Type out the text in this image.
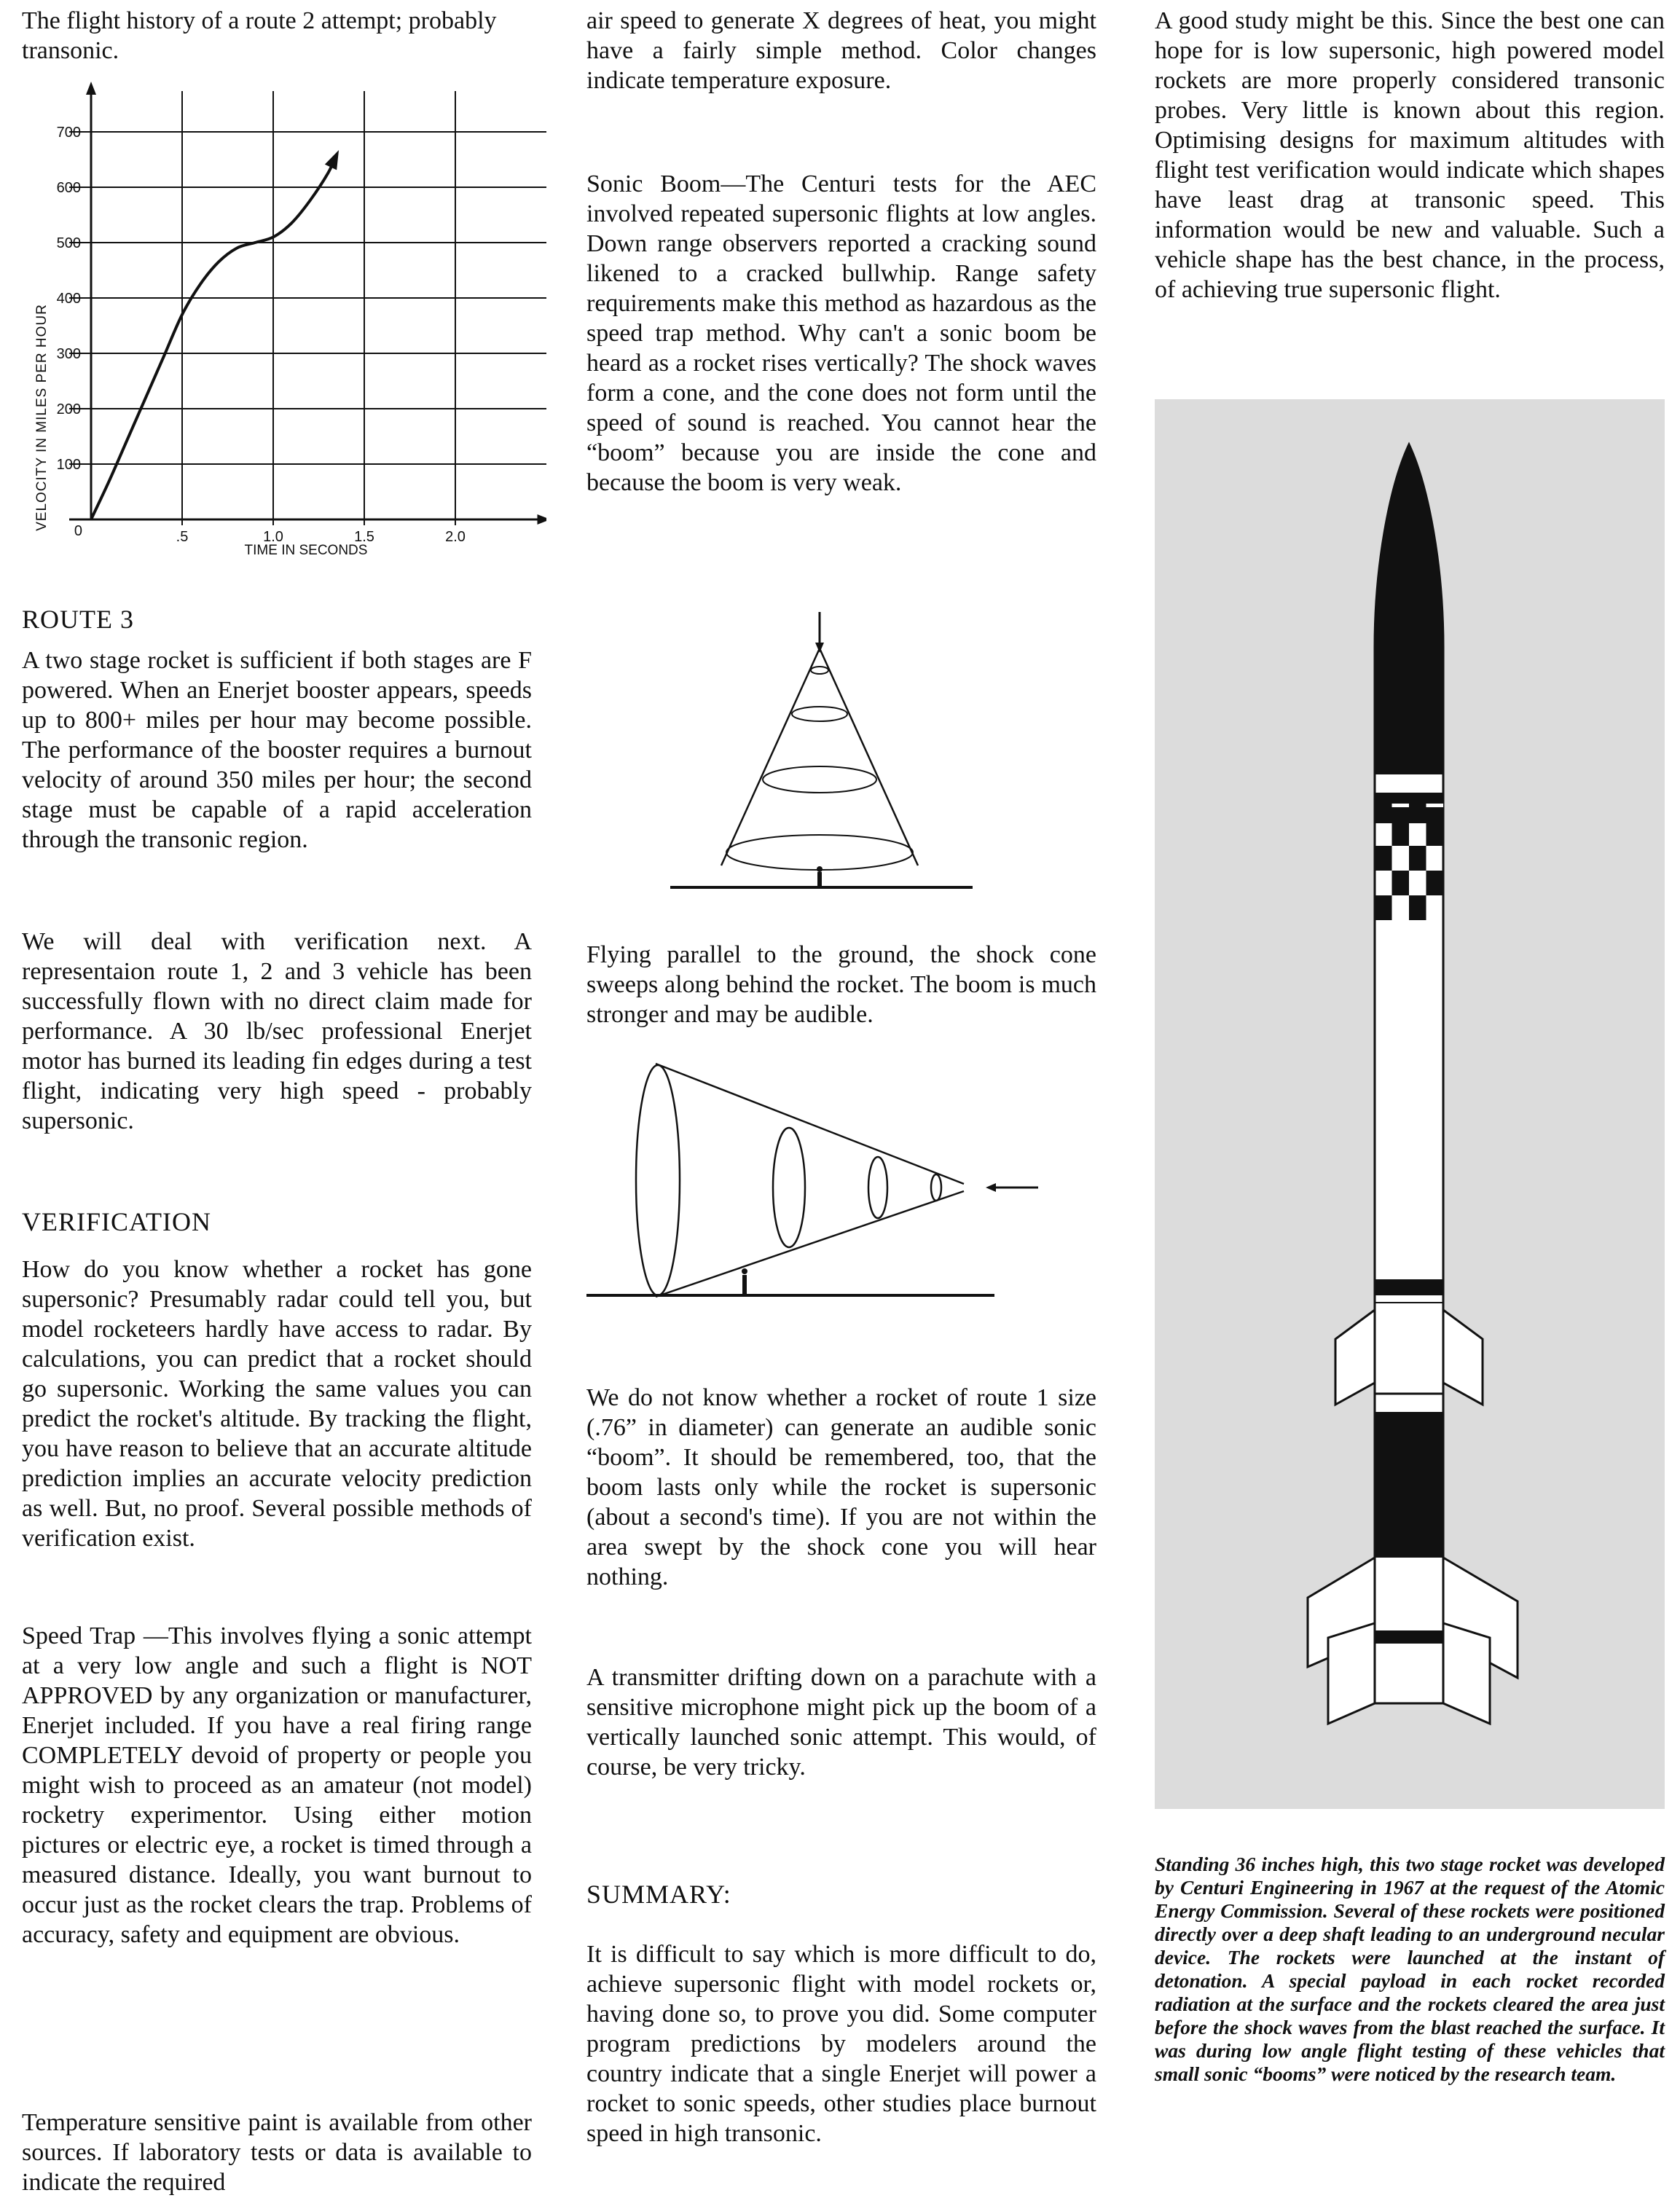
The flight history of a route 2 attempt; probably transonic.

0
100
200
300
400
500
600
700
.5	1.0	1.5	2.0
VELOCITY IN MILES PER HOUR
TIME IN SECONDS

ROUTE 3

A two stage rocket is sufficient if both stages are F powered. When an Enerjet booster appears, speeds up to 800+ miles per hour may become possible. The performance of the booster requires a burnout velocity of around 350 miles per hour; the second stage must be capable of a rapid acceleration through the transonic region.

We will deal with verification next. A representaion route 1, 2 and 3 vehicle has been successfully flown with no direct claim made for performance. A 30 lb/sec professional Enerjet motor has burned its leading fin edges during a test flight, indicating very high speed - probably supersonic.

VERIFICATION

How do you know whether a rocket has gone supersonic? Presumably radar could tell you, but model rocketeers hardly have access to radar. By calculations, you can predict that a rocket should go supersonic. Working the same values you can predict the rocket's altitude. By tracking the flight, you have reason to believe that an accurate altitude prediction implies an accurate velocity prediction as well. But, no proof. Several possible methods of verification exist.

Speed Trap —This involves flying a sonic attempt at a very low angle and such a flight is NOT APPROVED by any organization or manufacturer, Enerjet included. If you have a real firing range COMPLETELY devoid of property or people you might wish to proceed as an amateur (not model) rocketry experimentor. Using either motion pictures or electric eye, a rocket is timed through a measured distance. Ideally, you want burnout to occur just as the rocket clears the trap. Problems of accuracy, safety and equipment are obvious.

Temperature sensitive paint is available from other sources. If laboratory tests or data is available to indicate the required

air speed to generate X degrees of heat, you might have a fairly simple method. Color changes indicate temperature exposure.

Sonic Boom—The Centuri tests for the AEC involved repeated supersonic flights at low angles. Down range observers reported a cracking sound likened to a cracked bullwhip. Range safety requirements make this method as hazardous as the speed trap method. Why can't a sonic boom be heard as a rocket rises vertically? The shock waves form a cone, and the cone does not form until the speed of sound is reached. You cannot hear the “boom” because you are inside the cone and because the boom is very weak.

Flying parallel to the ground, the shock cone sweeps along behind the rocket. The boom is much stronger and may be audible.

We do not know whether a rocket of route 1 size (.76” in diameter) can generate an audible sonic “boom”. It should be remembered, too, that the boom lasts only while the rocket is supersonic (about a second's time). If you are not within the area swept by the shock cone you will hear nothing.

A transmitter drifting down on a parachute with a sensitive microphone might pick up the boom of a vertically launched sonic attempt. This would, of course, be very tricky.

SUMMARY:

It is difficult to say which is more difficult to do, achieve supersonic flight with model rockets or, having done so, to prove you did. Some computer program predictions by modelers around the country indicate that a single Enerjet will power a rocket to sonic speeds, other studies place burnout speed in high transonic.

A good study might be this. Since the best one can hope for is low supersonic, high powered model rockets are more properly considered transonic probes. Very little is known about this region. Optimising designs for maximum altitudes with flight test verification would indicate which shapes have least drag at transonic speed. This information would be new and valuable. Such a vehicle shape has the best chance, in the process, of achieving true supersonic flight.

Standing 36 inches high, this two stage rocket was developed by Centuri Engineering in 1967 at the request of the Atomic Energy Commission. Several of these rockets were positioned directly over a deep shaft leading to an underground necular device. The rockets were launched at the instant of detonation. A special payload in each rocket recorded radiation at the surface and the rockets cleared the area just before the shock waves from the blast reached the surface. It was during low angle flight testing of these vehicles that small sonic “booms” were noticed by the research team.
